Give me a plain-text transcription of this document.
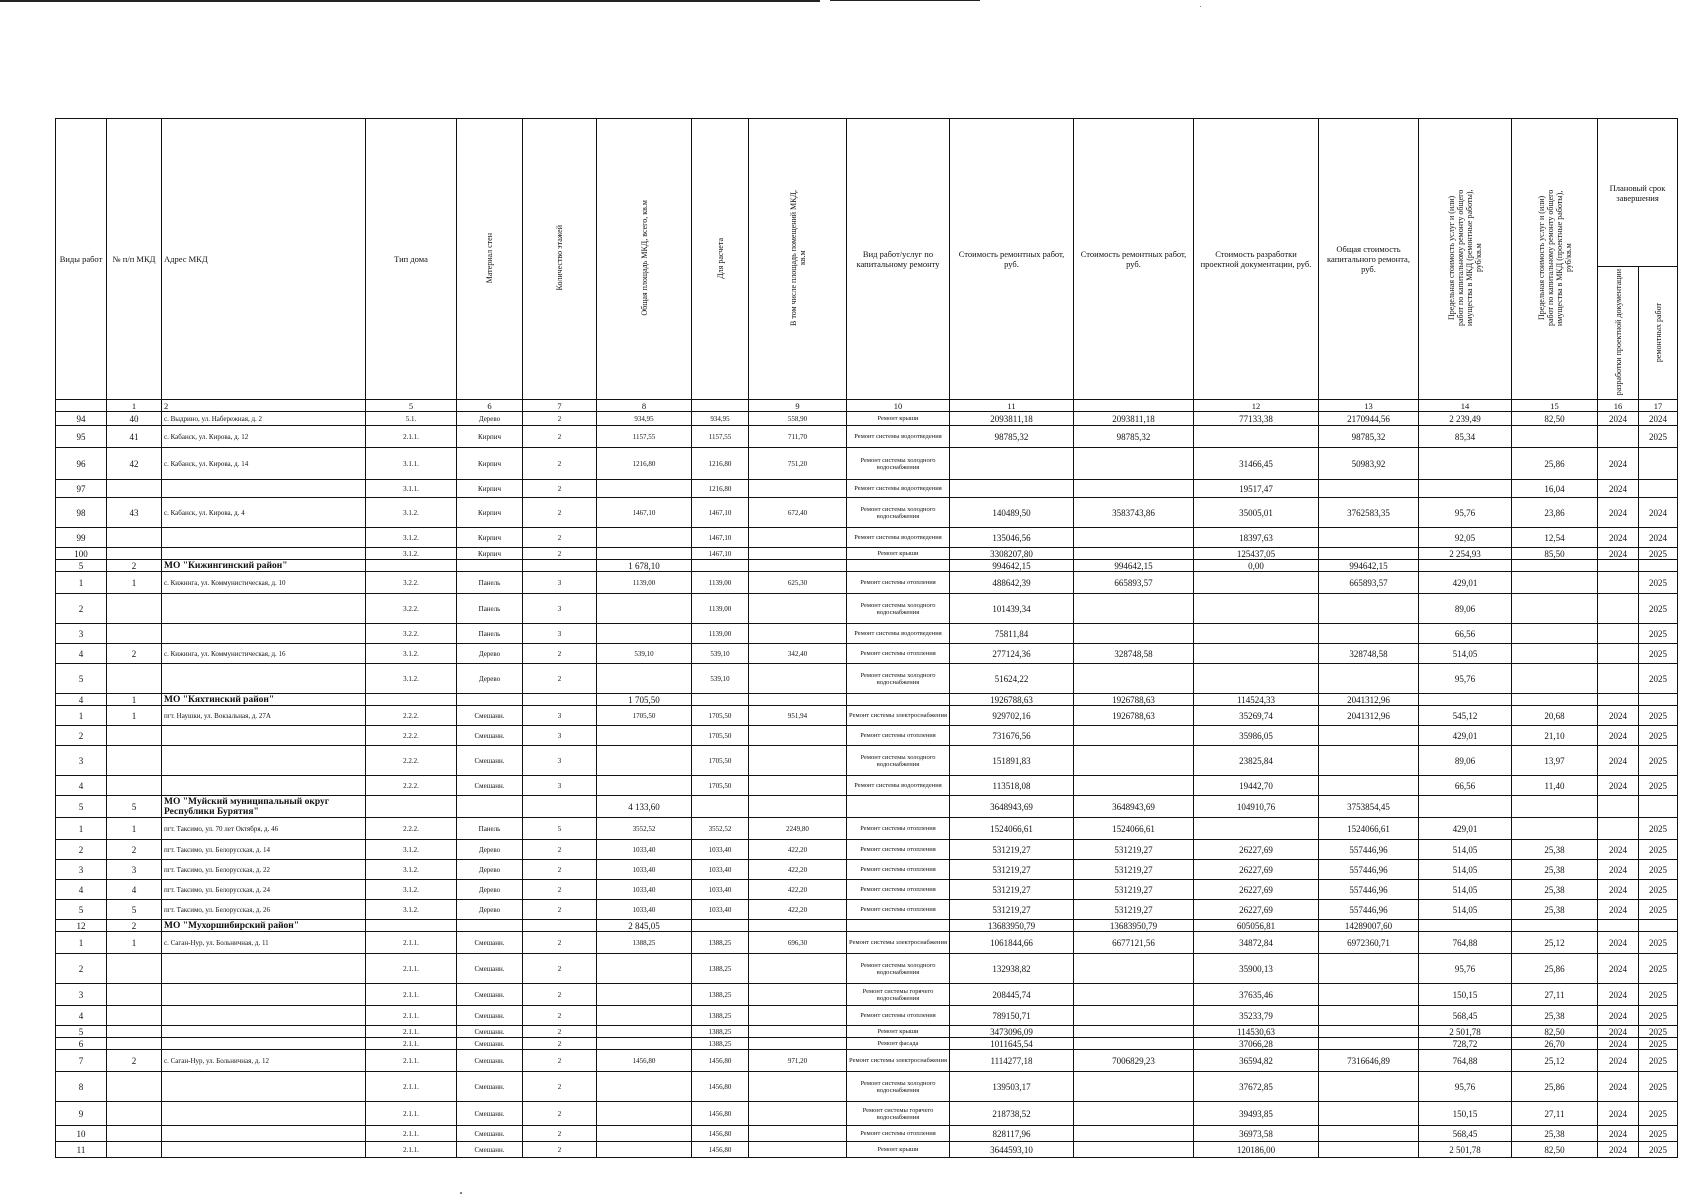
Виды работ	№ п/п МКД	Адрес МКД	Тип дома	Материал стен	Количество этажей	Общая площадь МКД, всего, кв.м	Для расчета	В том числе площадь помещений МКД, кв.м	Вид работ/услуг по капитальному ремонту	Стоимость ремонтных работ, руб.	Стоимость ремонтных работ, руб.	Стоимость разработки проектной документации, руб.	Общая стоимость капитального ремонта, руб.	Предельная стоимость услуг и (или) работ по капитальному ремонту общего имущества в МКД (ремонтные работы), руб/кв.м	Предельная стоимость услуг и (или) работ по капитальному ремонту общего имущества в МКД (проектные работы), руб/кв.м	Плановый срок завершения	
																разработки проектной документации	ремонтных работ
	1	2	5	6	7	8		9	10	11		12	13	14	15	16	17
94	40	с. Выдрино, ул. Набережная, д. 2	5.1.	Дерево	2	934,95	934,95	558,90	Ремонт крыши	2093811,18	2093811,18	77133,38	2170944,56	2 239,49	82,50	2024	2024
95	41	с. Кабанск, ул. Кирова, д. 12	2.1.1.	Кирпич	2	1157,55	1157,55	711,70	Ремонт системы водоотведения	98785,32	98785,32		98785,32	85,34			2025
96	42	с. Кабанск, ул. Кирова, д. 14	3.1.1.	Кирпич	2	1216,80	1216,80	751,20	Ремонт системы холодного водоснабжения			31466,45	50983,92		25,86	2024	
97			3.1.1.	Кирпич	2		1216,80		Ремонт системы водоотведения			19517,47			16,04	2024	
98	43	с. Кабанск, ул. Кирова, д. 4	3.1.2.	Кирпич	2	1467,10	1467,10	672,40	Ремонт системы холодного водоснабжения	140489,50	3583743,86	35005,01	3762583,35	95,76	23,86	2024	2024
99			3.1.2.	Кирпич	2		1467,10		Ремонт системы водоотведения	135046,56		18397,63		92,05	12,54	2024	2024
100			3.1.2.	Кирпич	2		1467,10		Ремонт крыши	3308207,80		125437,05		2 254,93	85,50	2024	2025
5	2	МО "Кижингинский район"				1 678,10				994642,15	994642,15	0,00	994642,15				
1	1	с. Кижинга, ул. Коммунистическая, д. 10	3.2.2.	Панель	3	1139,00	1139,00	625,30	Ремонт системы отопления	488642,39	665893,57		665893,57	429,01			2025
2			3.2.2.	Панель	3		1139,00		Ремонт системы холодного водоснабжения	101439,34				89,06			2025
3			3.2.2.	Панель	3		1139,00		Ремонт системы водоотведения	75811,84				66,56			2025
4	2	с. Кижинга, ул. Коммунистическая, д. 16	3.1.2.	Дерево	2	539,10	539,10	342,40	Ремонт системы отопления	277124,36	328748,58		328748,58	514,05			2025
5			3.1.2.	Дерево	2		539,10		Ремонт системы холодного водоснабжения	51624,22				95,76			2025
4	1	МО "Кяхтинский район"				1 705,50				1926788,63	1926788,63	114524,33	2041312,96				
1	1	пгт. Наушки, ул. Вокзальная, д. 27А	2.2.2.	Смешанн.	3	1705,50	1705,50	951,94	Ремонт системы электроснабжения	929702,16	1926788,63	35269,74	2041312,96	545,12	20,68	2024	2025
2			2.2.2.	Смешанн.	3		1705,50		Ремонт системы отопления	731676,56		35986,05		429,01	21,10	2024	2025
3			2.2.2.	Смешанн.	3		1705,50		Ремонт системы холодного водоснабжения	151891,83		23825,84		89,06	13,97	2024	2025
4			2.2.2.	Смешанн.	3		1705,50		Ремонт системы водоотведения	113518,08		19442,70		66,56	11,40	2024	2025
5	5	МО "Муйский муниципальный округ Республики Бурятия"				4 133,60				3648943,69	3648943,69	104910,76	3753854,45				
1	1	пгт. Таксимо, ул. 70 лет Октября, д. 46	2.2.2.	Панель	5	3552,52	3552,52	2249,80	Ремонт системы отопления	1524066,61	1524066,61		1524066,61	429,01			2025
2	2	пгт. Таксимо, ул. Белорусская, д. 14	3.1.2.	Дерево	2	1033,40	1033,40	422,20	Ремонт системы отопления	531219,27	531219,27	26227,69	557446,96	514,05	25,38	2024	2025
3	3	пгт. Таксимо, ул. Белорусская, д. 22	3.1.2.	Дерево	2	1033,40	1033,40	422,20	Ремонт системы отопления	531219,27	531219,27	26227,69	557446,96	514,05	25,38	2024	2025
4	4	пгт. Таксимо, ул. Белорусская, д. 24	3.1.2.	Дерево	2	1033,40	1033,40	422,20	Ремонт системы отопления	531219,27	531219,27	26227,69	557446,96	514,05	25,38	2024	2025
5	5	пгт. Таксимо, ул. Белорусская, д. 26	3.1.2.	Дерево	2	1033,40	1033,40	422,20	Ремонт системы отопления	531219,27	531219,27	26227,69	557446,96	514,05	25,38	2024	2025
12	2	МО "Мухоршибирский район"				2 845,05				13683950,79	13683950,79	605056,81	14289007,60				
1	1	с. Саган-Нур, ул. Больничная, д. 11	2.1.1.	Смешанн.	2	1388,25	1388,25	696,30	Ремонт системы электроснабжения	1061844,66	6677121,56	34872,84	6972360,71	764,88	25,12	2024	2025
2			2.1.1.	Смешанн.	2		1388,25		Ремонт системы холодного водоснабжения	132938,82		35900,13		95,76	25,86	2024	2025
3			2.1.1.	Смешанн.	2		1388,25		Ремонт системы горячего водоснабжения	208445,74		37635,46		150,15	27,11	2024	2025
4			2.1.1.	Смешанн.	2		1388,25		Ремонт системы отопления	789150,71		35233,79		568,45	25,38	2024	2025
5			2.1.1.	Смешанн.	2		1388,25		Ремонт крыши	3473096,09		114530,63		2 501,78	82,50	2024	2025
6			2.1.1.	Смешанн.	2		1388,25		Ремонт фасада	1011645,54		37066,28		728,72	26,70	2024	2025
7	2	с. Саган-Нур, ул. Больничная, д. 12	2.1.1.	Смешанн.	2	1456,80	1456,80	971,20	Ремонт системы электроснабжения	1114277,18	7006829,23	36594,82	7316646,89	764,88	25,12	2024	2025
8			2.1.1.	Смешанн.	2		1456,80		Ремонт системы холодного водоснабжения	139503,17		37672,85		95,76	25,86	2024	2025
9			2.1.1.	Смешанн.	2		1456,80		Ремонт системы горячего водоснабжения	218738,52		39493,85		150,15	27,11	2024	2025
10			2.1.1.	Смешанн.	2		1456,80		Ремонт системы отопления	828117,96		36973,58		568,45	25,38	2024	2025
11			2.1.1.	Смешанн.	2		1456,80		Ремонт крыши	3644593,10		120186,00		2 501,78	82,50	2024	2025
